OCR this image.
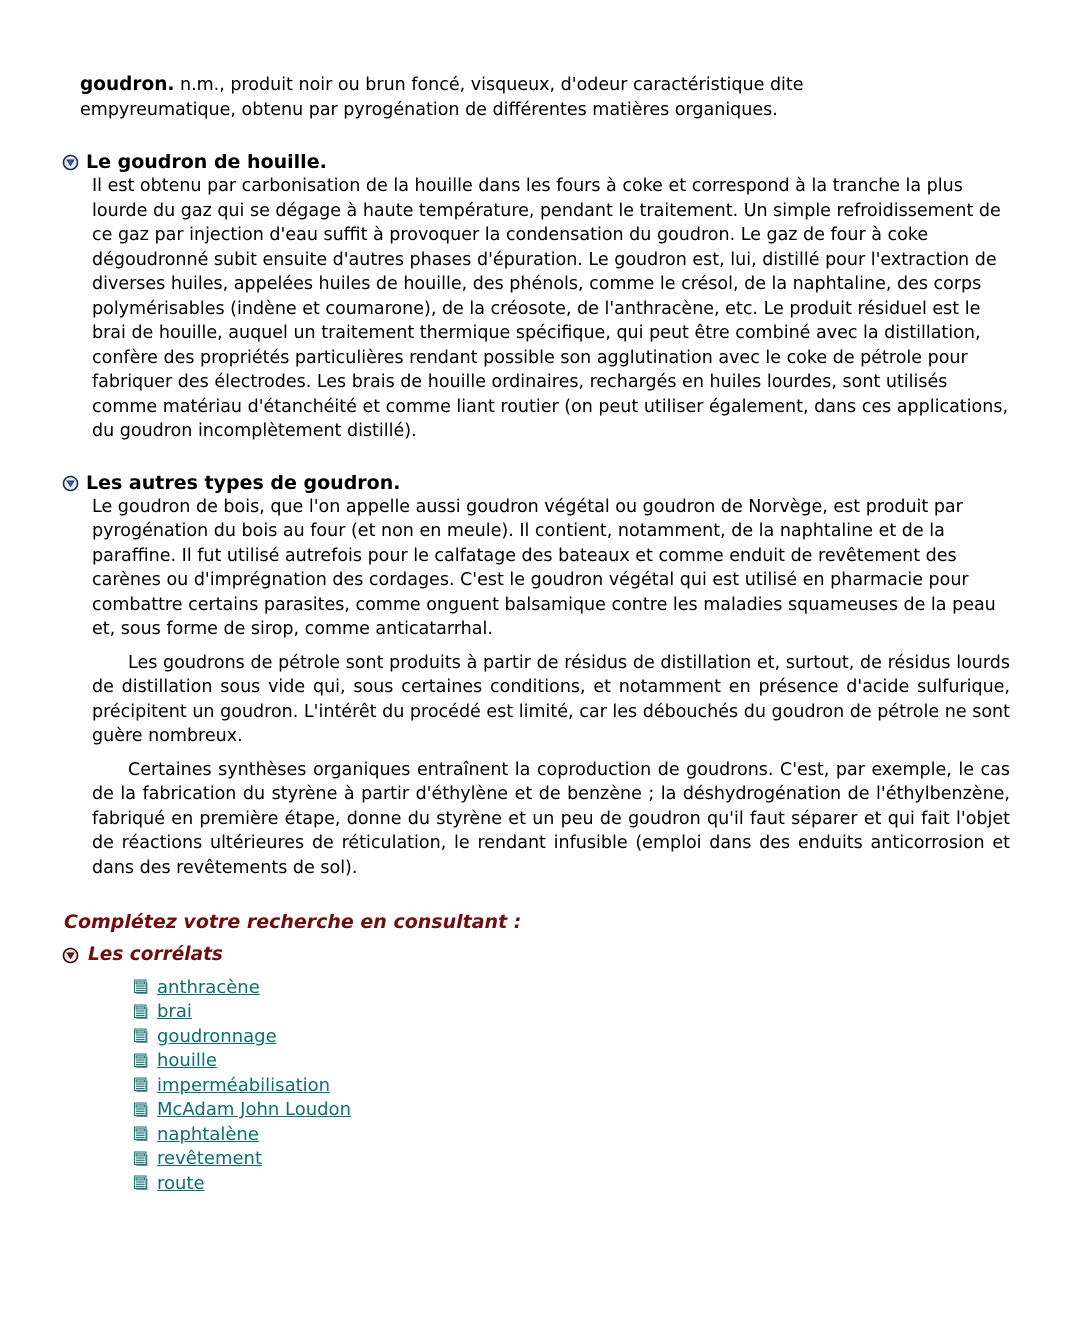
goudron. n.m., produit noir ou brun foncé, visqueux, d'odeur caractéristique dite empyreumatique, obtenu par pyrogénation de différentes matières organiques.
Le goudron de houille.

Il est obtenu par carbonisation de la houille dans les fours à coke et correspond à la tranche la plus lourde du gaz qui se dégage à haute température, pendant le traitement. Un simple refroidissement de ce gaz par injection d'eau suffit à provoquer la condensation du goudron. Le gaz de four à coke dégoudronné subit ensuite d'autres phases d'épuration. Le goudron est, lui, distillé pour l'extraction de diverses huiles, appelées huiles de houille, des phénols, comme le crésol, de la naphtaline, des corps polymérisables (indène et coumarone), de la créosote, de l'anthracène, etc. Le produit résiduel est le brai de houille, auquel un traitement thermique spécifique, qui peut être combiné avec la distillation, confère des propriétés particulières rendant possible son agglutination avec le coke de pétrole pour fabriquer des électrodes. Les brais de houille ordinaires, rechargés en huiles lourdes, sont utilisés comme matériau d'étanchéité et comme liant routier (on peut utiliser également, dans ces applications, du goudron incomplètement distillé).

Les autres types de goudron.

Le goudron de bois, que l'on appelle aussi goudron végétal ou goudron de Norvège, est produit par pyrogénation du bois au four (et non en meule). Il contient, notamment, de la naphtaline et de la paraffine. Il fut utilisé autrefois pour le calfatage des bateaux et comme enduit de revêtement des carènes ou d'imprégnation des cordages. C'est le goudron végétal qui est utilisé en pharmacie pour combattre certains parasites, comme onguent balsamique contre les maladies squameuses de la peau et, sous forme de sirop, comme anticatarrhal.

Les goudrons de pétrole sont produits à partir de résidus de distillation et, surtout, de résidus lourds de distillation sous vide qui, sous certaines conditions, et notamment en présence d'acide sulfurique, précipitent un goudron. L'intérêt du procédé est limité, car les débouchés du goudron de pétrole ne sont guère nombreux.

Certaines synthèses organiques entraînent la coproduction de goudrons. C'est, par exemple, le cas de la fabrication du styrène à partir d'éthylène et de benzène ; la déshydrogénation de l'éthylbenzène, fabriqué en première étape, donne du styrène et un peu de goudron qu'il faut séparer et qui fait l'objet de réactions ultérieures de réticulation, le rendant infusible (emploi dans des enduits anticorrosion et dans des revêtements de sol).

Complétez votre recherche en consultant :
Les corrélats
anthracène
brai
goudronnage
houille
imperméabilisation
McAdam John Loudon
naphtalène
revêtement
route
